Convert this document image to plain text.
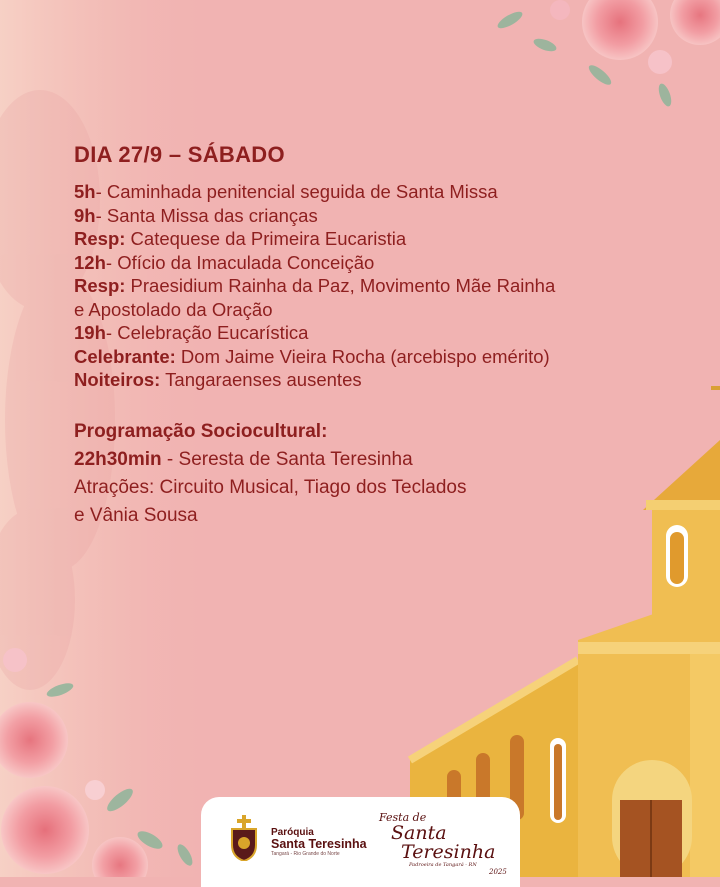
DIA 27/9 – SÁBADO
5h- Caminhada penitencial seguida de Santa Missa
9h- Santa Missa das crianças
Resp: Catequese da Primeira Eucaristia
12h- Ofício da Imaculada Conceição
Resp: Praesidium Rainha da Paz, Movimento Mãe Rainha
e Apostolado da Oração
19h- Celebração Eucarística
Celebrante: Dom Jaime Vieira Rocha (arcebispo emérito)
Noiteiros: Tangaraenses ausentes
Programação Sociocultural:
22h30min - Seresta de Santa Teresinha
Atrações: Circuito Musical, Tiago dos Teclados
e Vânia Sousa
Paróquia
Santa Teresinha
Tangará - Rio Grande do Norte
Festa de
Santa
Teresinha
Padroeira de Tangará - RN
2025
